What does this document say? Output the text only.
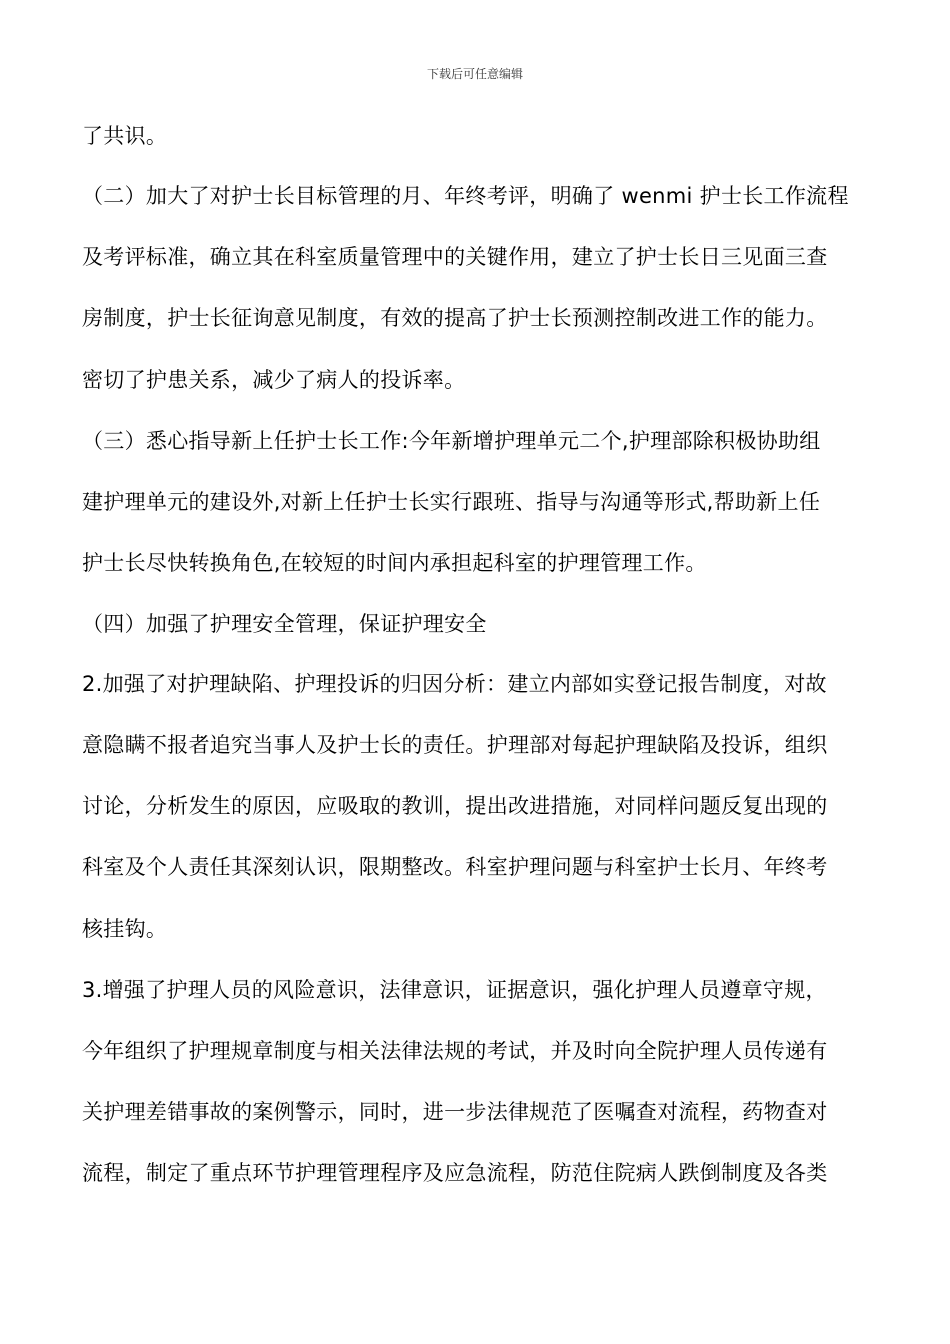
下载后可任意编辑
了共识。
（二）加大了对护士长目标管理的月、年终考评，明确了 wenmi 护士长工作流程
及考评标准，确立其在科室质量管理中的关键作用，建立了护士长日三见面三查
房制度，护士长征询意见制度，有效的提高了护士长预测控制改进工作的能力。
密切了护患关系，减少了病人的投诉率。
（三）悉心指导新上任护士长工作:今年新增护理单元二个,护理部除积极协助组
建护理单元的建设外,对新上任护士长实行跟班、指导与沟通等形式,帮助新上任
护士长尽快转换角色,在较短的时间内承担起科室的护理管理工作。
（四）加强了护理安全管理，保证护理安全
2.加强了对护理缺陷、护理投诉的归因分析：建立内部如实登记报告制度，对故
意隐瞒不报者追究当事人及护士长的责任。护理部对每起护理缺陷及投诉，组织
讨论，分析发生的原因，应吸取的教训，提出改进措施，对同样问题反复出现的
科室及个人责任其深刻认识，限期整改。科室护理问题与科室护士长月、年终考
核挂钩。
3.增强了护理人员的风险意识，法律意识，证据意识，强化护理人员遵章守规，
今年组织了护理规章制度与相关法律法规的考试，并及时向全院护理人员传递有
关护理差错事故的案例警示，同时，进一步法律规范了医嘱查对流程，药物查对
流程，制定了重点环节护理管理程序及应急流程，防范住院病人跌倒制度及各类
